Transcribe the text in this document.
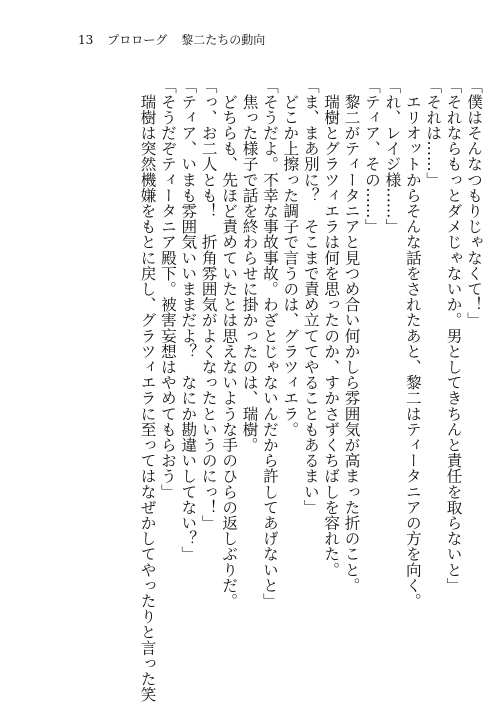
13 プロローグ 黎二たちの動向

「僕はそんなつもりじゃなくて！」

「それならもっとダメじゃないか。男としてきちんと責任を取らないと」

「それは……」

　エリオットからそんな話をされたあと、黎二はティータニアの方を向く。

「れ、レイジ様……」

「ティア、その……」

　黎二がティータニアと見つめ合い何かしら雰囲気が高まった折のこと。

　瑞樹とグラツィエラは何を思ったのか、すかさずくちばしを容れた。

「ま、まあ別に？　そこまで責め立ててやることもあるまい」

　どこか上擦った調子で言うのは、グラツィエラ。

「そうだよ。不幸な事故事故。わざとじゃないんだから許してあげないと」

　焦った様子で話を終わらせに掛かったのは、瑞樹。

　どちらも、先ほど責めていたとは思えないような手のひらの返しぶりだ。

「っ、お二人とも！　折角雰囲気がよくなったというのにっ！」

「ティア、いまも雰囲気いいままだよ？　なにか勘違いしてない？」

「そうだぞティータニア殿下。被害妄想はやめてもらおう」

　瑞樹は突然機嫌をもとに戻し、グラツィエラに至ってはなぜかしてやったりと言った笑
